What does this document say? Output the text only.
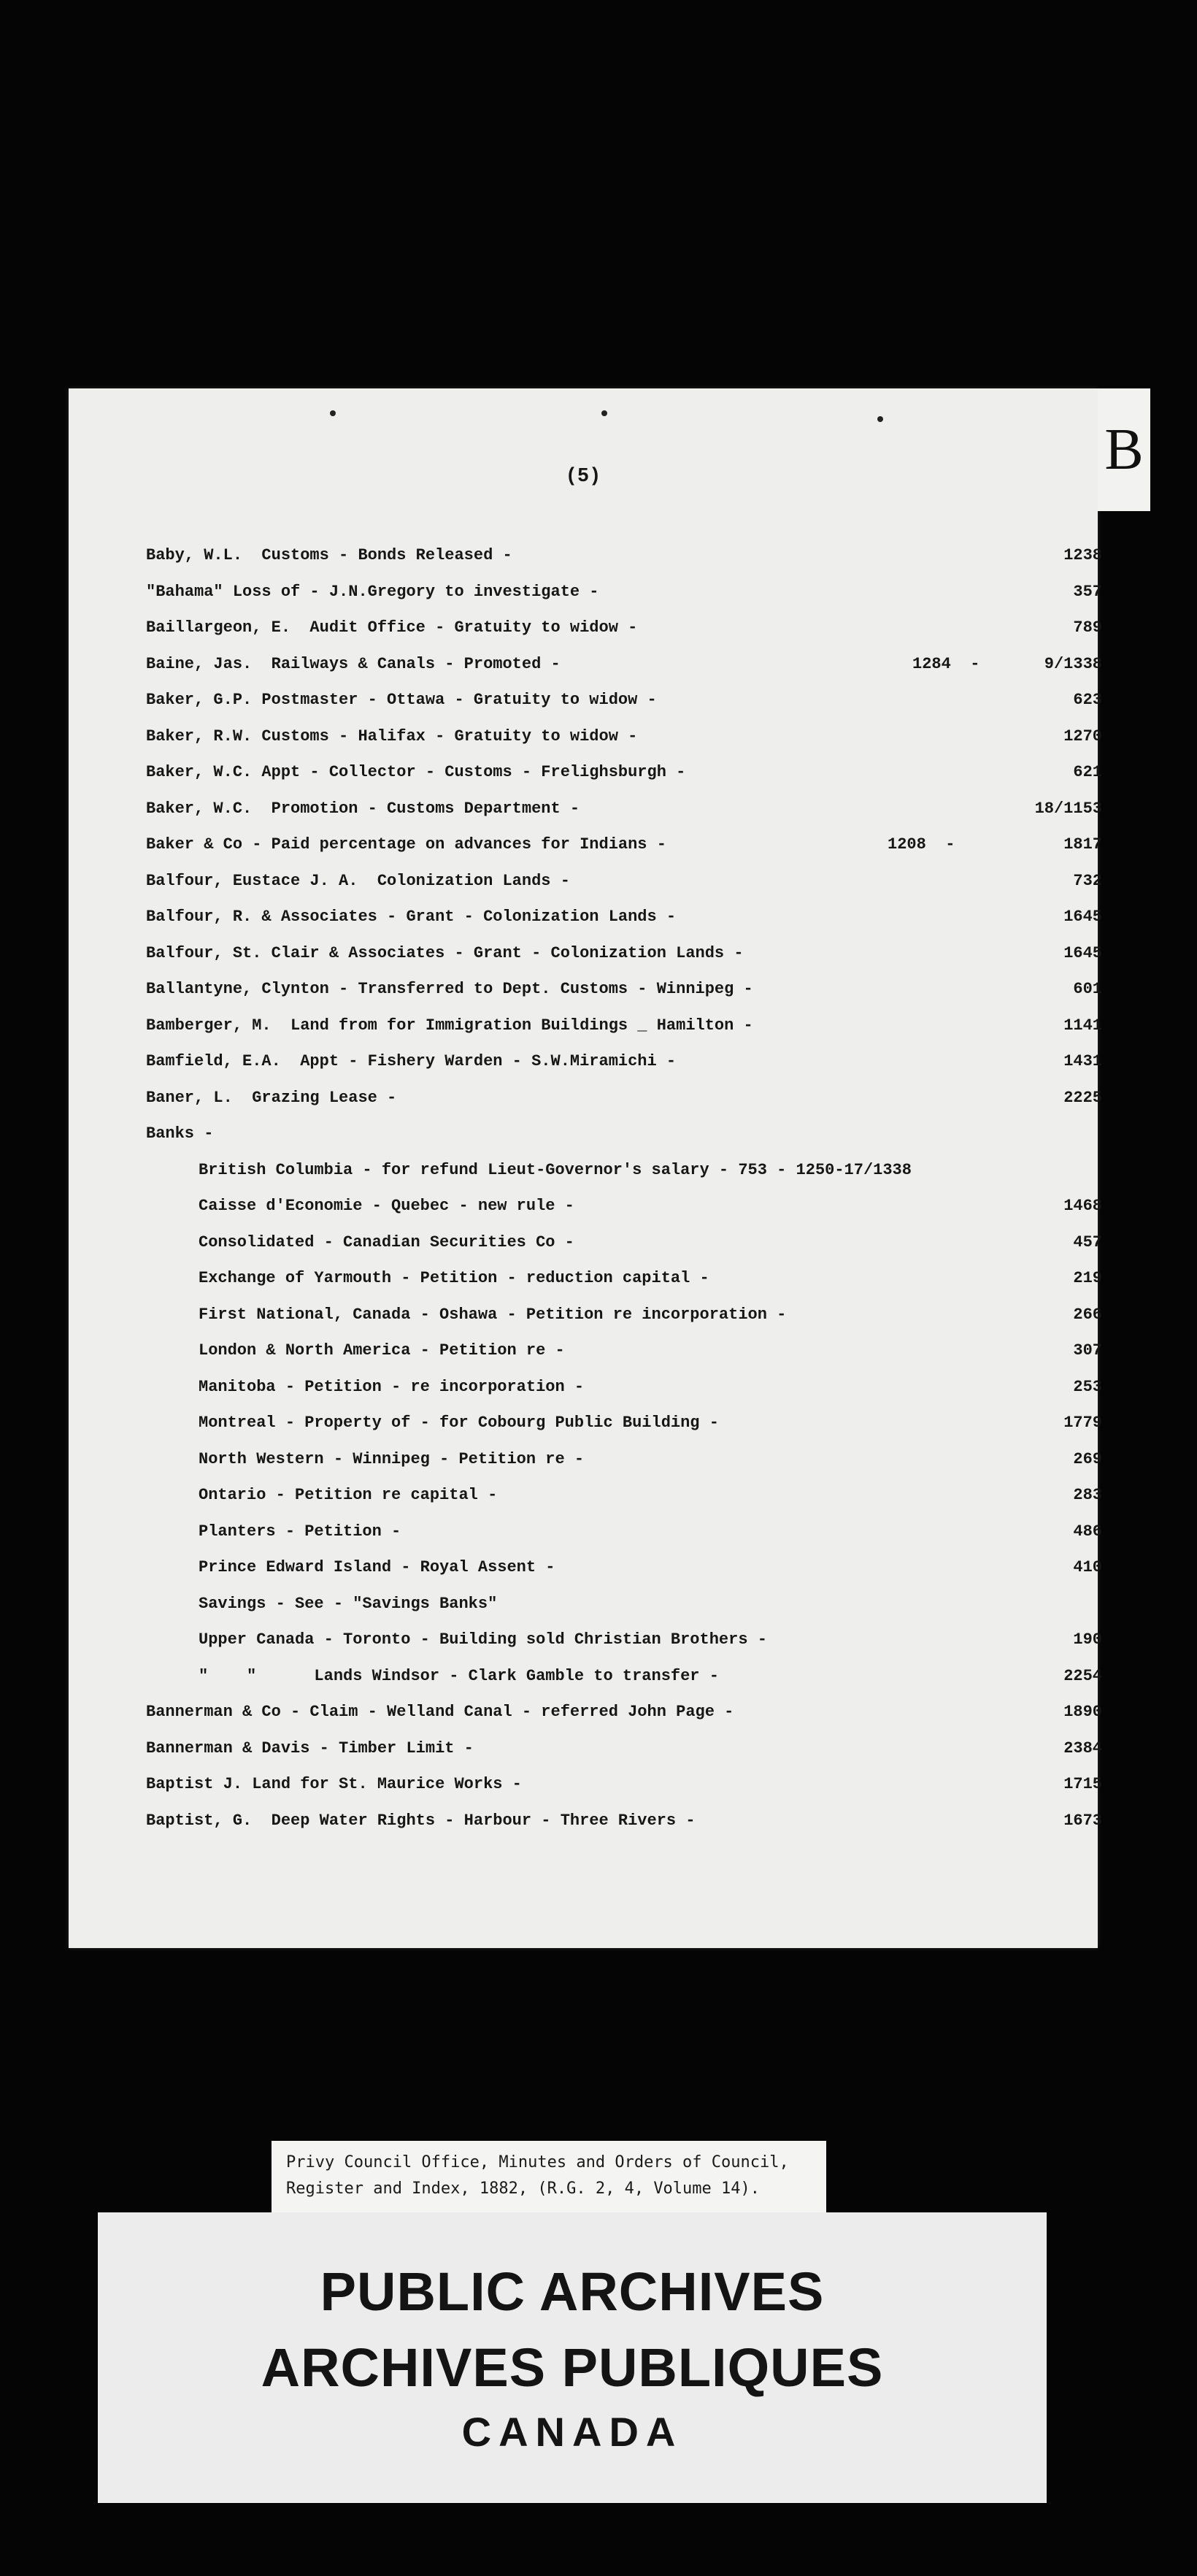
(5)
Baby, W.L.  Customs - Bonds Released -	1238
"Bahama" Loss of - J.N.Gregory to investigate -	357
Baillargeon, E.  Audit Office - Gratuity to widow -	789
Baine, Jas.  Railways & Canals - Promoted -	1284  -	9/1338
Baker, G.P. Postmaster - Ottawa - Gratuity to widow -	623
Baker, R.W. Customs - Halifax - Gratuity to widow -	1270
Baker, W.C. Appt - Collector - Customs - Frelighsburgh -	621
Baker, W.C.  Promotion - Customs Department -	18/1153
Baker & Co - Paid percentage on advances for Indians -	1208  -	1817
Balfour, Eustace J. A.  Colonization Lands -	732
Balfour, R. & Associates - Grant - Colonization Lands -	1645
Balfour, St. Clair & Associates - Grant - Colonization Lands -	1645
Ballantyne, Clynton - Transferred to Dept. Customs - Winnipeg -	601
Bamberger, M.  Land from for Immigration Buildings _ Hamilton -	1141
Bamfield, E.A.  Appt - Fishery Warden - S.W.Miramichi -	1431
Baner, L.  Grazing Lease -	2225
Banks -
British Columbia - for refund Lieut-Governor's salary - 753 - 1250-17/1338
Caisse d'Economie - Quebec - new rule -	1468
Consolidated - Canadian Securities Co -	457
Exchange of Yarmouth - Petition - reduction capital -	219
First National, Canada - Oshawa - Petition re incorporation -	266
London & North America - Petition re -	307
Manitoba - Petition - re incorporation -	253
Montreal - Property of - for Cobourg Public Building -	1779
North Western - Winnipeg - Petition re -	269
Ontario - Petition re capital -	283
Planters - Petition -	486
Prince Edward Island - Royal Assent -	410
Savings - See - "Savings Banks"
Upper Canada - Toronto - Building sold Christian Brothers -	190
"    "      Lands Windsor - Clark Gamble to transfer -	2254
Bannerman & Co - Claim - Welland Canal - referred John Page -	1890
Bannerman & Davis - Timber Limit -	2384
Baptist J. Land for St. Maurice Works -	1715
Baptist, G.  Deep Water Rights - Harbour - Three Rivers -	1673
B
Privy Council Office, Minutes and Orders of Council,
Register and Index, 1882, (R.G. 2, 4, Volume 14).
PUBLIC ARCHIVES
ARCHIVES PUBLIQUES
CANADA
